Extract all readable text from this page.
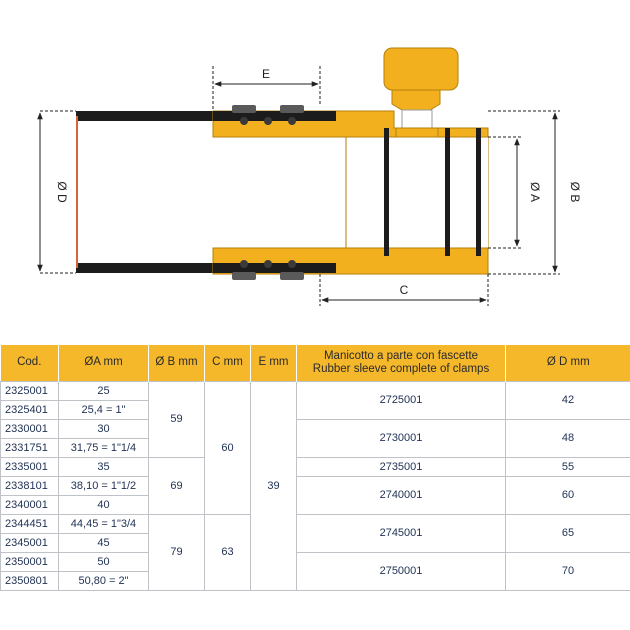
E
C
Ø D	Ø A Ø B
Cod.	ØA mm	Ø B mm	C mm	E mm	Manicotto a parte con fascette
Rubber sleeve complete of clamps	Ø D mm
2325001	25	59	60	39	2725001	42
2325401	25,4 = 1"					
2330001	30				2730001	48
2331751	31,75 = 1"1/4					
2335001	35	69			2735001	55
2338101	38,10 = 1"1/2				2740001	60
2340001	40					
2344451	44,45 = 1"3/4	79	63		2745001	65
2345001	45					
2350001	50				2750001	70
2350801	50,80 = 2"					
